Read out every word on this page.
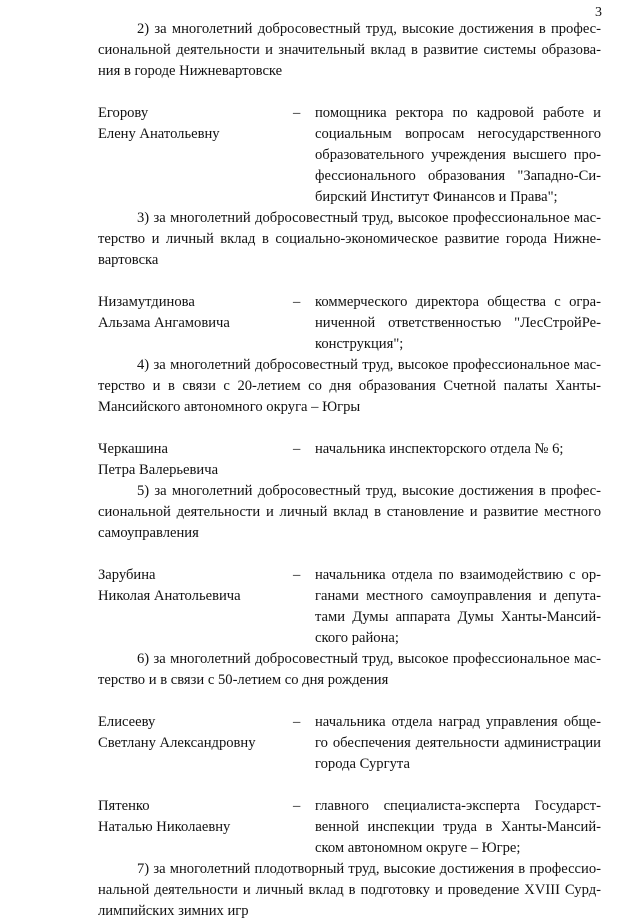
3

2) за многолетний добросовестный труд, высокие достижения в профес-
сиональной деятельности и значительный вклад в развитие системы образова-
ния в городе Нижневартовске

Егорову
Елену Анатольевну
–	помощника ректора по кадровой работе и
социальным вопросам негосударственного
образовательного учреждения высшего про-
фессионального образования "Западно-Си-
бирский Институт Финансов и Права";

3) за многолетний добросовестный труд, высокое профессиональное мас-
терство и личный вклад в социально-экономическое развитие города Нижне-
вартовска

Низамутдинова
Альзама Ангамовича
–	коммерческого директора общества с огра-
ниченной ответственностью "ЛесСтройРе-
конструкция";

4) за многолетний добросовестный труд, высокое профессиональное мас-
терство и в связи с 20-летием со дня образования Счетной палаты Ханты-
Мансийского автономного округа – Югры

Черкашина
Петра Валерьевича
–	начальника инспекторского отдела № 6;

5) за многолетний добросовестный труд, высокие достижения в профес-
сиональной деятельности и личный вклад в становление и развитие местного
самоуправления

Зарубина
Николая Анатольевича
–	начальника отдела по взаимодействию с ор-
ганами местного самоуправления и депута-
тами Думы аппарата Думы Ханты-Мансий-
ского района;

6) за многолетний добросовестный труд, высокое профессиональное мас-
терство и в связи с 50-летием со дня рождения

Елисееву
Светлану Александровну
–	начальника отдела наград управления обще-
го обеспечения деятельности администрации
города Сургута
Пятенко
Наталью Николаевну
–	главного специалиста-эксперта Государст-
венной инспекции труда в Ханты-Мансий-
ском автономном округе – Югре;

7) за многолетний плодотворный труд, высокие достижения в профессио-
нальной деятельности и личный вклад в подготовку и проведение XVIII Сурд-
лимпийских зимних игр
